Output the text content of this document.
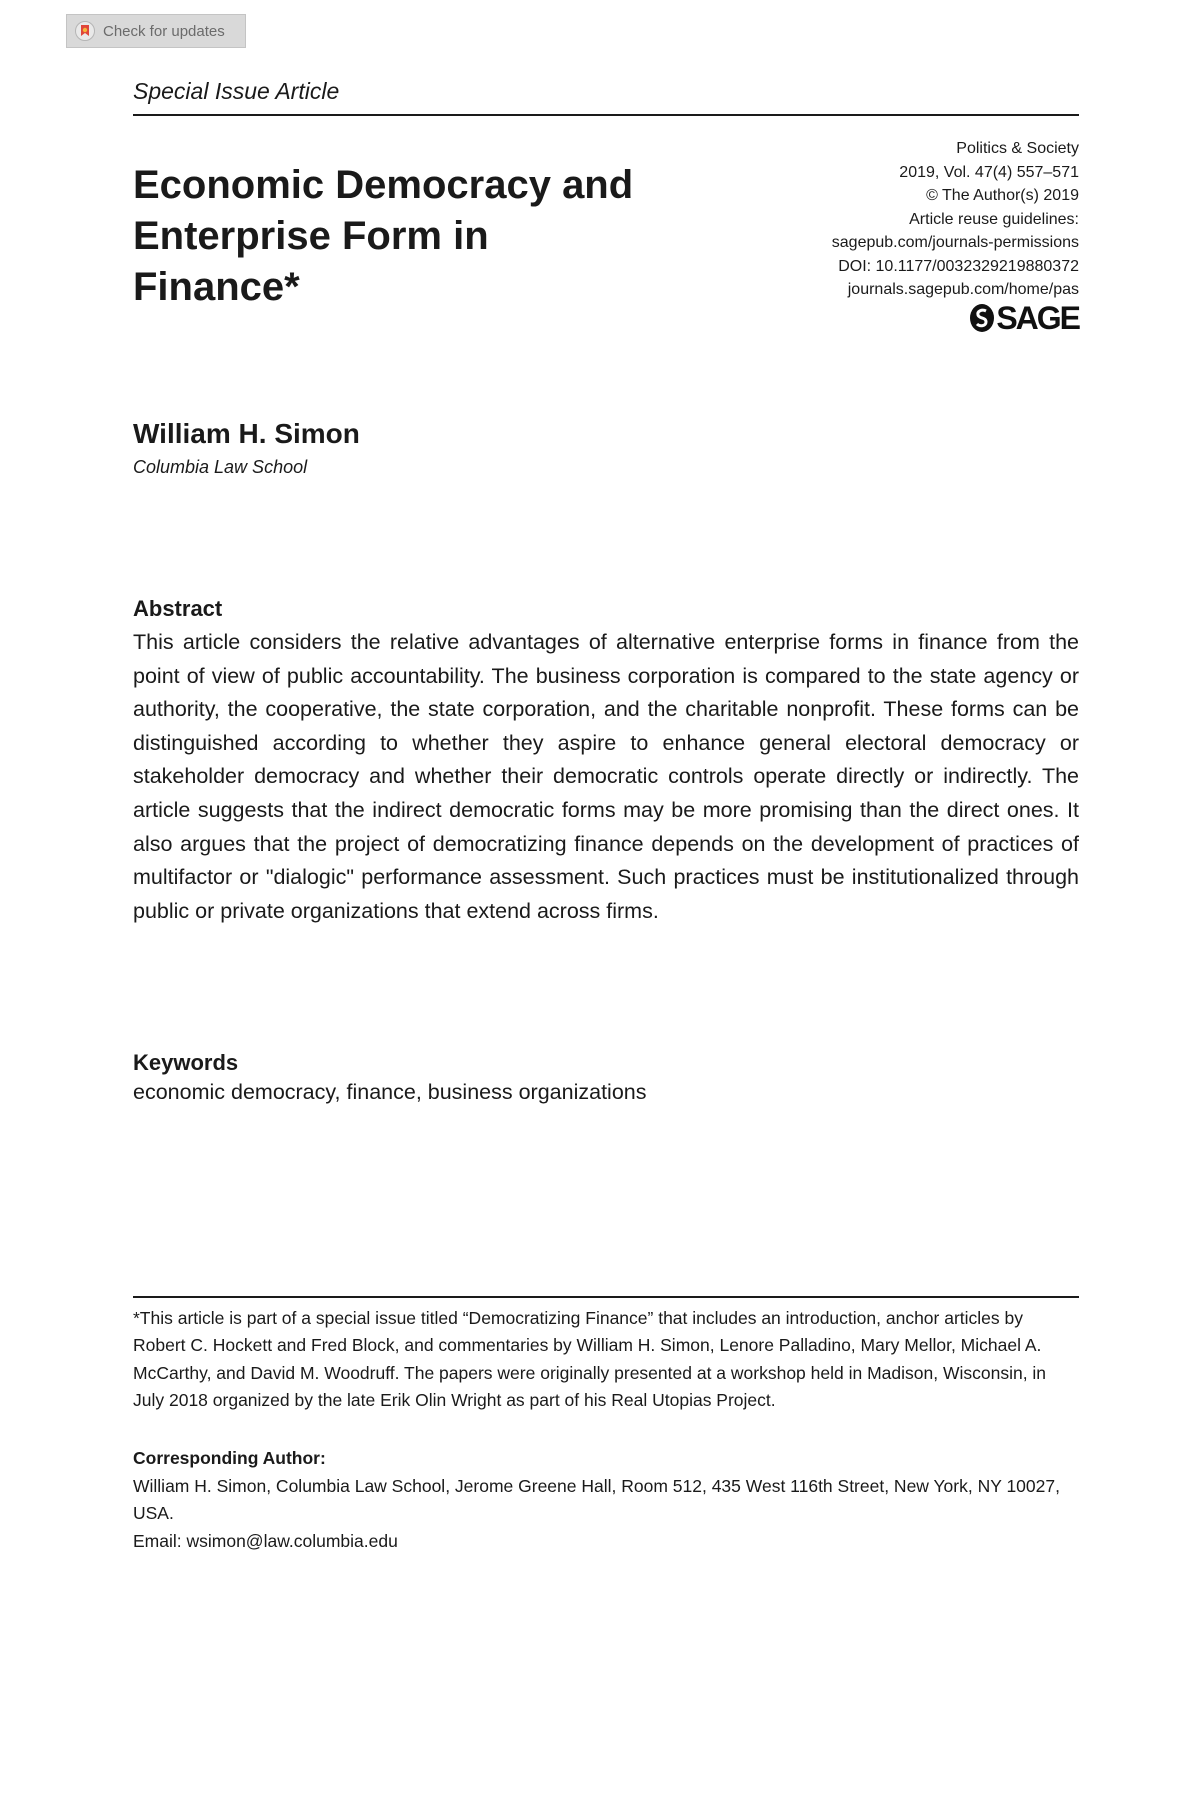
Check for updates
Special Issue Article
Economic Democracy and Enterprise Form in Finance*
Politics & Society
2019, Vol. 47(4) 557–571
© The Author(s) 2019
Article reuse guidelines:
sagepub.com/journals-permissions
DOI: 10.1177/0032329219880372
journals.sagepub.com/home/pas
SAGE
William H. Simon
Columbia Law School
Abstract
This article considers the relative advantages of alternative enterprise forms in finance from the point of view of public accountability. The business corporation is compared to the state agency or authority, the cooperative, the state corporation, and the charitable nonprofit. These forms can be distinguished according to whether they aspire to enhance general electoral democracy or stakeholder democracy and whether their democratic controls operate directly or indirectly. The article suggests that the indirect democratic forms may be more promising than the direct ones. It also argues that the project of democratizing finance depends on the development of practices of multifactor or "dialogic" performance assessment. Such practices must be institutionalized through public or private organizations that extend across firms.
Keywords
economic democracy, finance, business organizations
*This article is part of a special issue titled “Democratizing Finance” that includes an introduction, anchor articles by Robert C. Hockett and Fred Block, and commentaries by William H. Simon, Lenore Palladino, Mary Mellor, Michael A. McCarthy, and David M. Woodruff. The papers were originally presented at a workshop held in Madison, Wisconsin, in July 2018 organized by the late Erik Olin Wright as part of his Real Utopias Project.
Corresponding Author:
William H. Simon, Columbia Law School, Jerome Greene Hall, Room 512, 435 West 116th Street, New York, NY 10027, USA.
Email: wsimon@law.columbia.edu
